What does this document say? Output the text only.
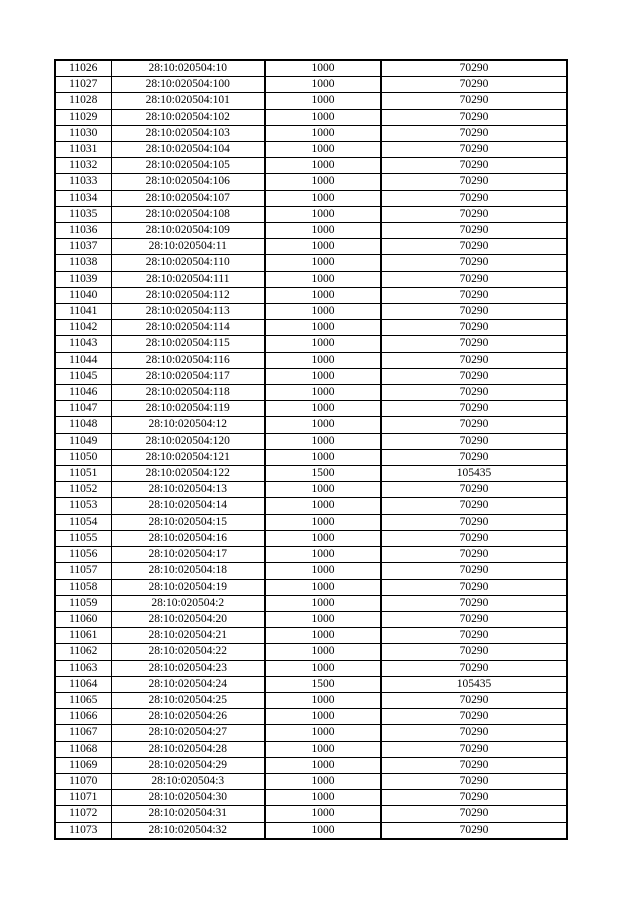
11026	28:10:020504:10	1000	70290
11027	28:10:020504:100	1000	70290
11028	28:10:020504:101	1000	70290
11029	28:10:020504:102	1000	70290
11030	28:10:020504:103	1000	70290
11031	28:10:020504:104	1000	70290
11032	28:10:020504:105	1000	70290
11033	28:10:020504:106	1000	70290
11034	28:10:020504:107	1000	70290
11035	28:10:020504:108	1000	70290
11036	28:10:020504:109	1000	70290
11037	28:10:020504:11	1000	70290
11038	28:10:020504:110	1000	70290
11039	28:10:020504:111	1000	70290
11040	28:10:020504:112	1000	70290
11041	28:10:020504:113	1000	70290
11042	28:10:020504:114	1000	70290
11043	28:10:020504:115	1000	70290
11044	28:10:020504:116	1000	70290
11045	28:10:020504:117	1000	70290
11046	28:10:020504:118	1000	70290
11047	28:10:020504:119	1000	70290
11048	28:10:020504:12	1000	70290
11049	28:10:020504:120	1000	70290
11050	28:10:020504:121	1000	70290
11051	28:10:020504:122	1500	105435
11052	28:10:020504:13	1000	70290
11053	28:10:020504:14	1000	70290
11054	28:10:020504:15	1000	70290
11055	28:10:020504:16	1000	70290
11056	28:10:020504:17	1000	70290
11057	28:10:020504:18	1000	70290
11058	28:10:020504:19	1000	70290
11059	28:10:020504:2	1000	70290
11060	28:10:020504:20	1000	70290
11061	28:10:020504:21	1000	70290
11062	28:10:020504:22	1000	70290
11063	28:10:020504:23	1000	70290
11064	28:10:020504:24	1500	105435
11065	28:10:020504:25	1000	70290
11066	28:10:020504:26	1000	70290
11067	28:10:020504:27	1000	70290
11068	28:10:020504:28	1000	70290
11069	28:10:020504:29	1000	70290
11070	28:10:020504:3	1000	70290
11071	28:10:020504:30	1000	70290
11072	28:10:020504:31	1000	70290
11073	28:10:020504:32	1000	70290
